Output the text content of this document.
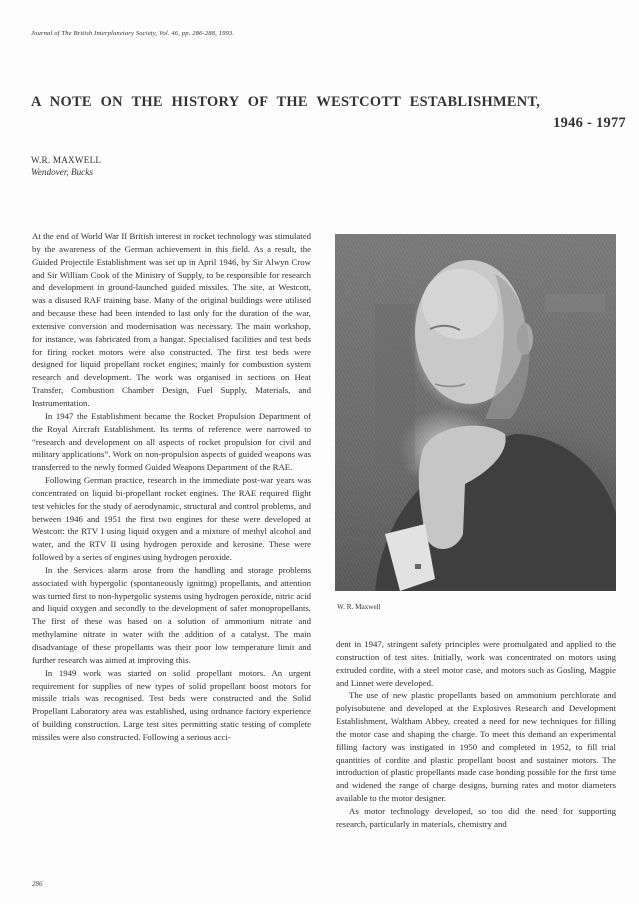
Journal of The British Interplanetary Society, Vol. 46, pp. 286-288, 1993.
A NOTE ON THE HISTORY OF THE WESTCOTT ESTABLISHMENT,
1946 - 1977
W.R. MAXWELL
Wendover, Bucks

At the end of World War II British interest in rocket technology was stimulated by the awareness of the German achievement in this field. As a result, the Guided Projectile Establishment was set up in April 1946, by Sir Alwyn Crow and Sir William Cook of the Ministry of Supply, to be responsible for research and development in ground-launched guided missiles. The site, at Westcott, was a disused RAF training base. Many of the original buildings were utilised and because these had been intended to last only for the duration of the war, extensive conversion and modernisation was necessary. The main workshop, for instance, was fabricated from a hangar. Specialised facilities and test beds for firing rocket motors were also constructed. The first test beds were designed for liquid propellant rocket engines; mainly for combustion system research and development. The work was organised in sections on Heat Transfer, Combustion Chamber Design, Fuel Supply, Materials, and Instrumentation.

In 1947 the Establishment became the Rocket Propulsion Department of the Royal Aircraft Establishment. Its terms of reference were narrowed to “research and development on all aspects of rocket propulsion for civil and military applications”. Work on non-propulsion aspects of guided weapons was transferred to the newly formed Guided Weapons Department of the RAE.

Following German practice, research in the immediate post-war years was concentrated on liquid bi-propellant rocket engines. The RAE required flight test vehicles for the study of aerodynamic, structural and control problems, and between 1946 and 1951 the first two engines for these were developed at Westcott: the RTV I using liquid oxygen and a mixture of methyl alcohol and water, and the RTV II using hydrogen peroxide and kerosine. These were followed by a series of engines using hydrogen peroxide.

In the Services alarm arose from the handling and storage problems associated with hypergolic (spontaneously igniting) propellants, and attention was turned first to non-hypergolic systems using hydrogen peroxide, nitric acid and liquid oxygen and secondly to the development of safer monopropellants. The first of these was based on a solution of ammonium nitrate and methylamine nitrate in water with the addition of a catalyst. The main disadvantage of these propellants was their poor low temperature limit and further research was aimed at improving this.

In 1949 work was started on solid propellant motors. An urgent requirement for supplies of new types of solid propellant boost motors for missile trials was recognised. Test beds were constructed and the Solid Propellant Laboratory area was established, using ordnance factory experience of building construction. Large test sites permitting static testing of complete missiles were also constructed. Following a serious acci-

W. R. Maxwell

dent in 1947, stringent safety principles were promulgated and applied to the construction of test sites. Initially, work was concentrated on motors using extruded cordite, with a steel motor case, and motors such as Gosling, Magpie and Linnet were developed.

The use of new plastic propellants based on ammonium perchlorate and polyisobutene and developed at the Explosives Research and Development Establishment, Waltham Abbey, created a need for new techniques for filling the motor case and shaping the charge. To meet this demand an experimental filling factory was instigated in 1950 and completed in 1952, to fill trial quantities of cordite and plastic propellant boost and sustainer motors. The introduction of plastic propellants made case bonding possible for the first time and widened the range of charge designs, burning rates and motor diameters available to the motor designer.

As motor technology developed, so too did the need for supporting research, particularly in materials, chemistry and

286
